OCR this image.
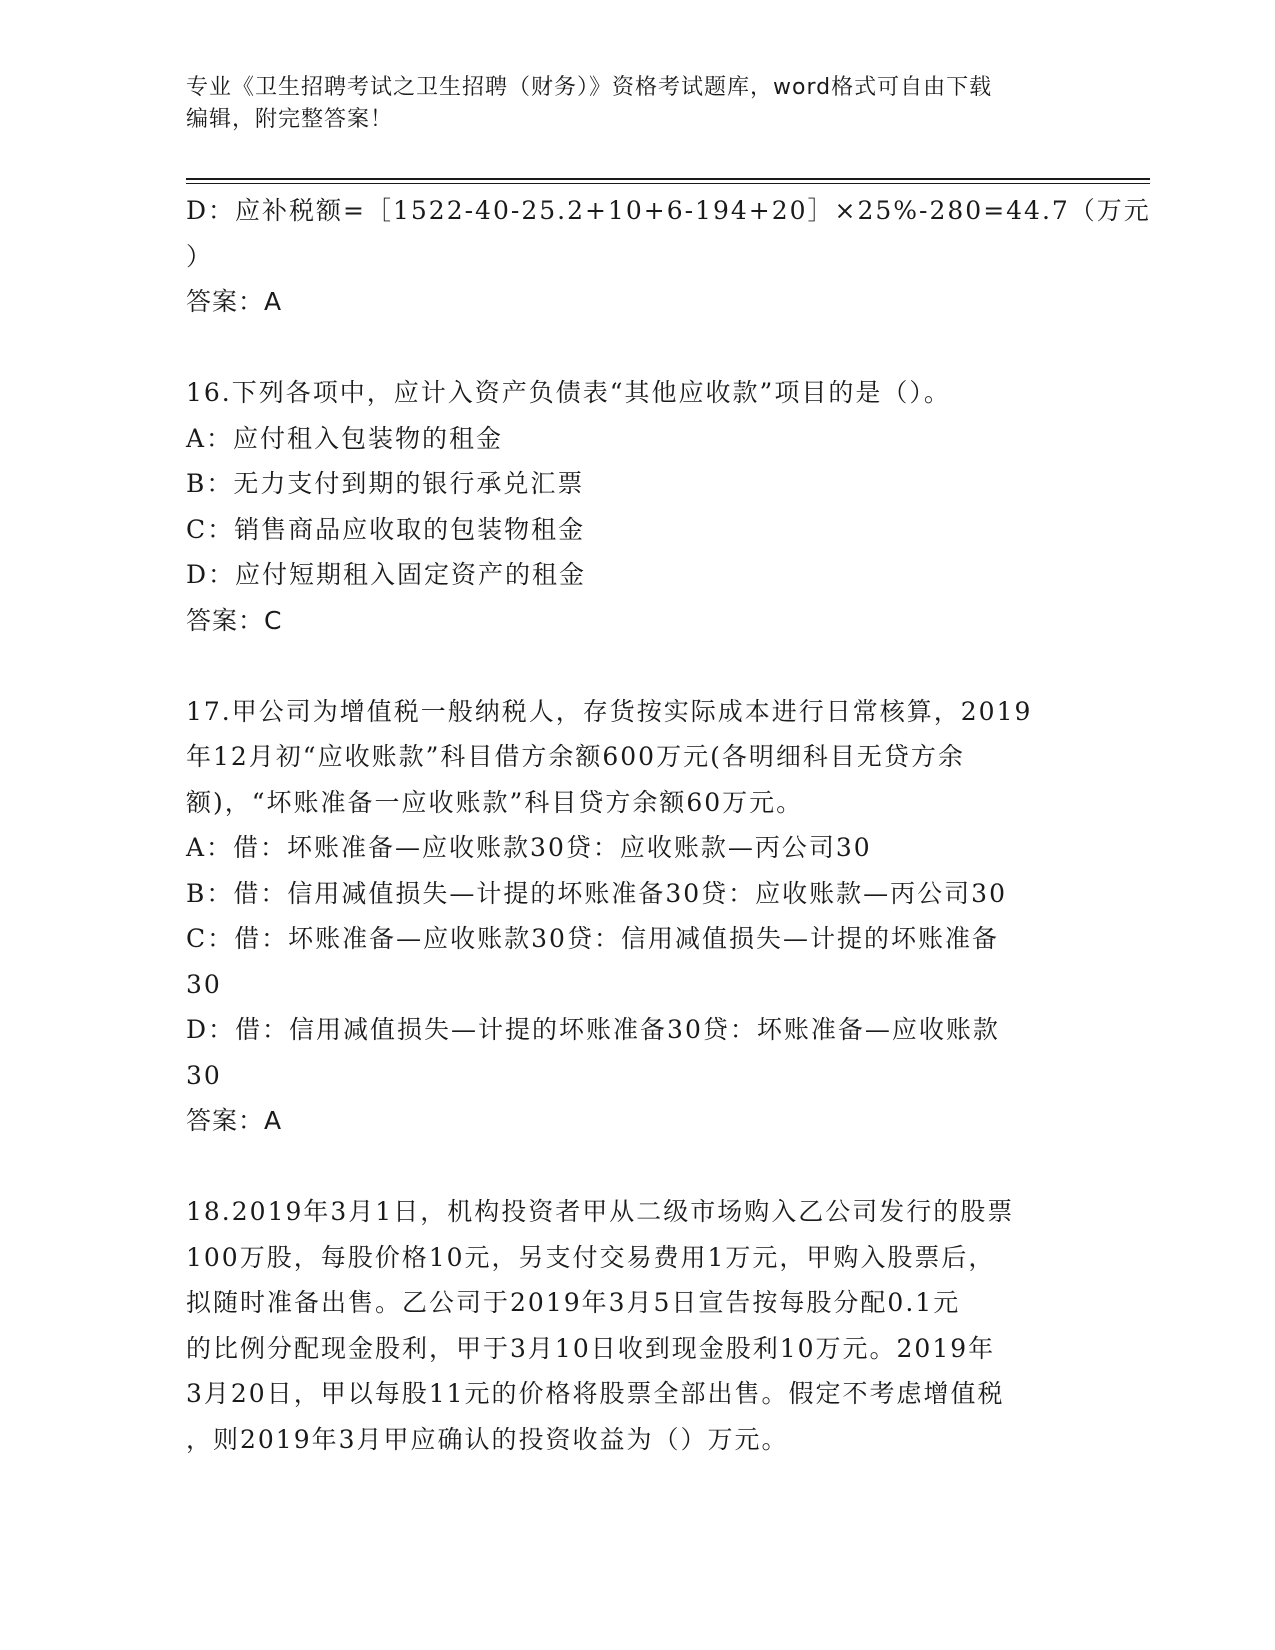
专业《卫生招聘考试之卫生招聘（财务）》资格考试题库，word格式可自由下载
编辑，附完整答案！
D：应补税额=［1522-40-25.2+10+6-194+20］×25%-280=44.7（万元
）
答案：A
16.下列各项中，应计入资产负债表“其他应收款”项目的是（）。
A：应付租入包装物的租金
B：无力支付到期的银行承兑汇票
C：销售商品应收取的包装物租金
D：应付短期租入固定资产的租金
答案：C
17.甲公司为增值税一般纳税人，存货按实际成本进行日常核算，2019
年12月初“应收账款”科目借方余额600万元(各明细科目无贷方余
额)，“坏账准备一应收账款”科目贷方余额60万元。
A：借：坏账准备—应收账款30贷：应收账款—丙公司30
B：借：信用减值损失—计提的坏账准备30贷：应收账款—丙公司30
C：借：坏账准备—应收账款30贷：信用减值损失—计提的坏账准备
30
D：借：信用减值损失—计提的坏账准备30贷：坏账准备—应收账款
30
答案：A
18.2019年3月1日，机构投资者甲从二级市场购入乙公司发行的股票
100万股，每股价格10元，另支付交易费用1万元，甲购入股票后，
拟随时准备出售。乙公司于2019年3月5日宣告按每股分配0.1元
的比例分配现金股利，甲于3月10日收到现金股利10万元。2019年
3月20日，甲以每股11元的价格将股票全部出售。假定不考虑增值税
，则2019年3月甲应确认的投资收益为（）万元。
